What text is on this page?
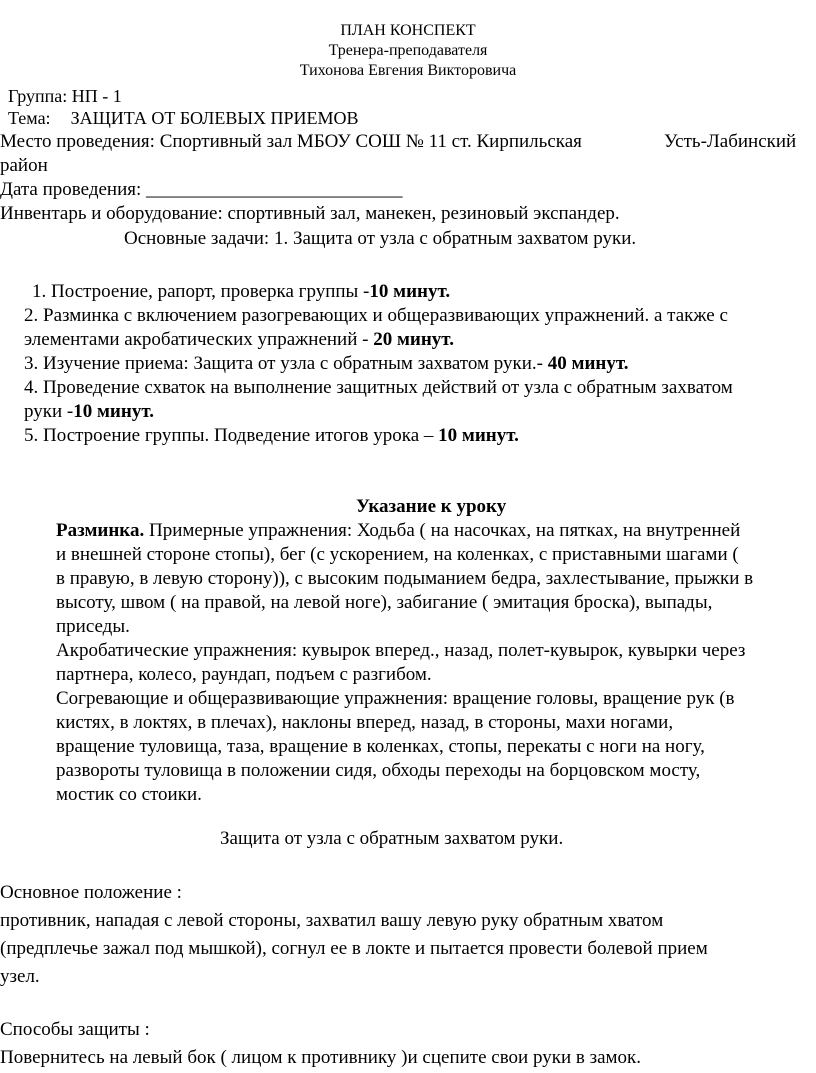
ПЛАН КОНСПЕКТ
Тренера-преподавателя
Тихонова Евгения Викторовича
Группа: НП - 1
Тема: ЗАЩИТА ОТ БОЛЕВЫХ ПРИЕМОВ
Место проведения: Спортивный зал МБОУ СОШ № 11 ст. Кирпильская	Усть-Лабинский
район
Дата проведения: ___________________________
Инвентарь и оборудование: спортивный зал, манекен, резиновый экспандер.
Основные задачи: 1. Защита от узла с обратным захватом руки.
1. Построение, рапорт, проверка группы -10 минут.
2. Разминка с включением разогревающих и общеразвивающих упражнений. а также с
элементами акробатических упражнений - 20 минут.
3. Изучение приема: Защита от узла с обратным захватом руки.- 40 минут.
4. Проведение схваток на выполнение защитных действий от узла с обратным захватом
руки -10 минут.
5. Построение группы. Подведение итогов урока – 10 минут.
Указание к уроку
Разминка. Примерные упражнения: Ходьба ( на насочках, на пятках, на внутренней
и внешней стороне стопы), бег (с ускорением, на коленках, с приставными шагами (
в правую, в левую сторону)), с высоким подыманием бедра, захлестывание, прыжки в
высоту, швом ( на правой, на левой ноге), забигание ( эмитация броска), выпады,
приседы.
Акробатические упражнения: кувырок вперед., назад, полет-кувырок, кувырки через
партнера, колесо, раундап, подъем с разгибом.
Согревающие и общеразвивающие упражнения: вращение головы, вращение рук (в
кистях, в локтях, в плечах), наклоны вперед, назад, в стороны, махи ногами,
вращение туловища, таза, вращение в коленках, стопы, перекаты с ноги на ногу,
развороты туловища в положении сидя, обходы переходы на борцовском мосту,
мостик со стоики.
Защита от узла с обратным захватом руки.
Основное положение :
противник, нападая с левой стороны, захватил вашу левую руку обратным хватом
(предплечье зажал под мышкой), согнул ее в локте и пытается провести болевой прием
узел.
Способы защиты :
Повернитесь на левый бок ( лицом к противнику )и сцепите свои руки в замок.
